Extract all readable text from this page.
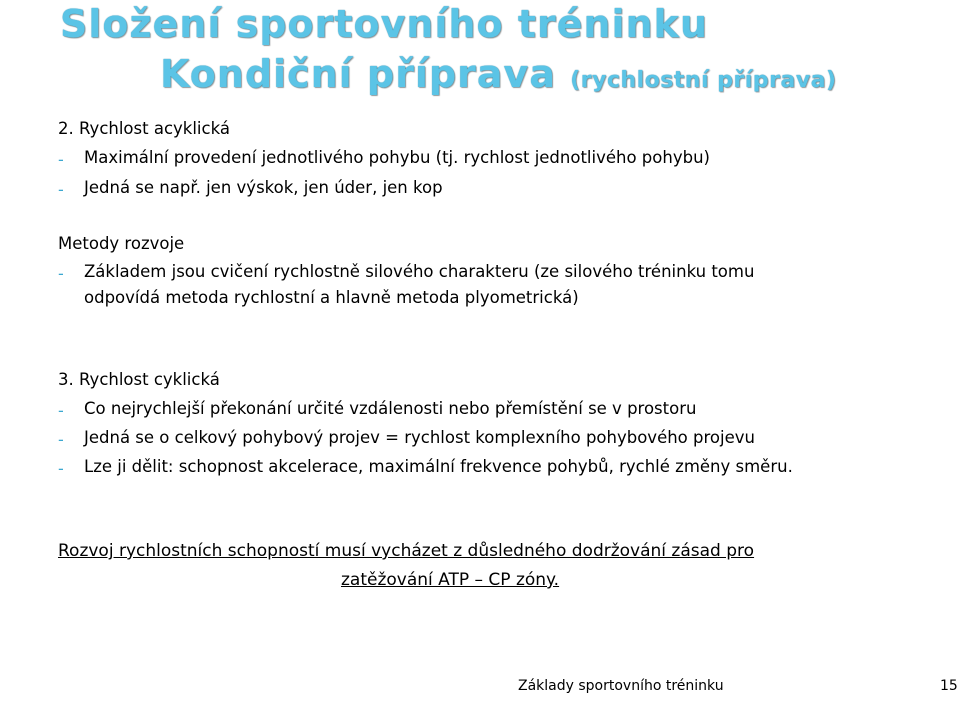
Složení sportovního tréninku
Kondiční příprava (rychlostní příprava)
2. Rychlost acyklická
- Maximální provedení jednotlivého pohybu (tj. rychlost jednotlivého pohybu)
- Jedná se např. jen výskok, jen úder, jen kop
Metody rozvoje
- Základem jsou cvičení rychlostně silového charakteru (ze silového tréninku tomu
odpovídá metoda rychlostní a hlavně metoda plyometrická)
3. Rychlost cyklická
- Co nejrychlejší překonání určité vzdálenosti nebo přemístění se v prostoru
- Jedná se o celkový pohybový projev = rychlost komplexního pohybového projevu
- Lze ji dělit: schopnost akcelerace, maximální frekvence pohybů, rychlé změny směru.
Rozvoj rychlostních schopností musí vycházet z důsledného dodržování zásad pro
zatěžování ATP – CP zóny.
Základy sportovního tréninku	15
